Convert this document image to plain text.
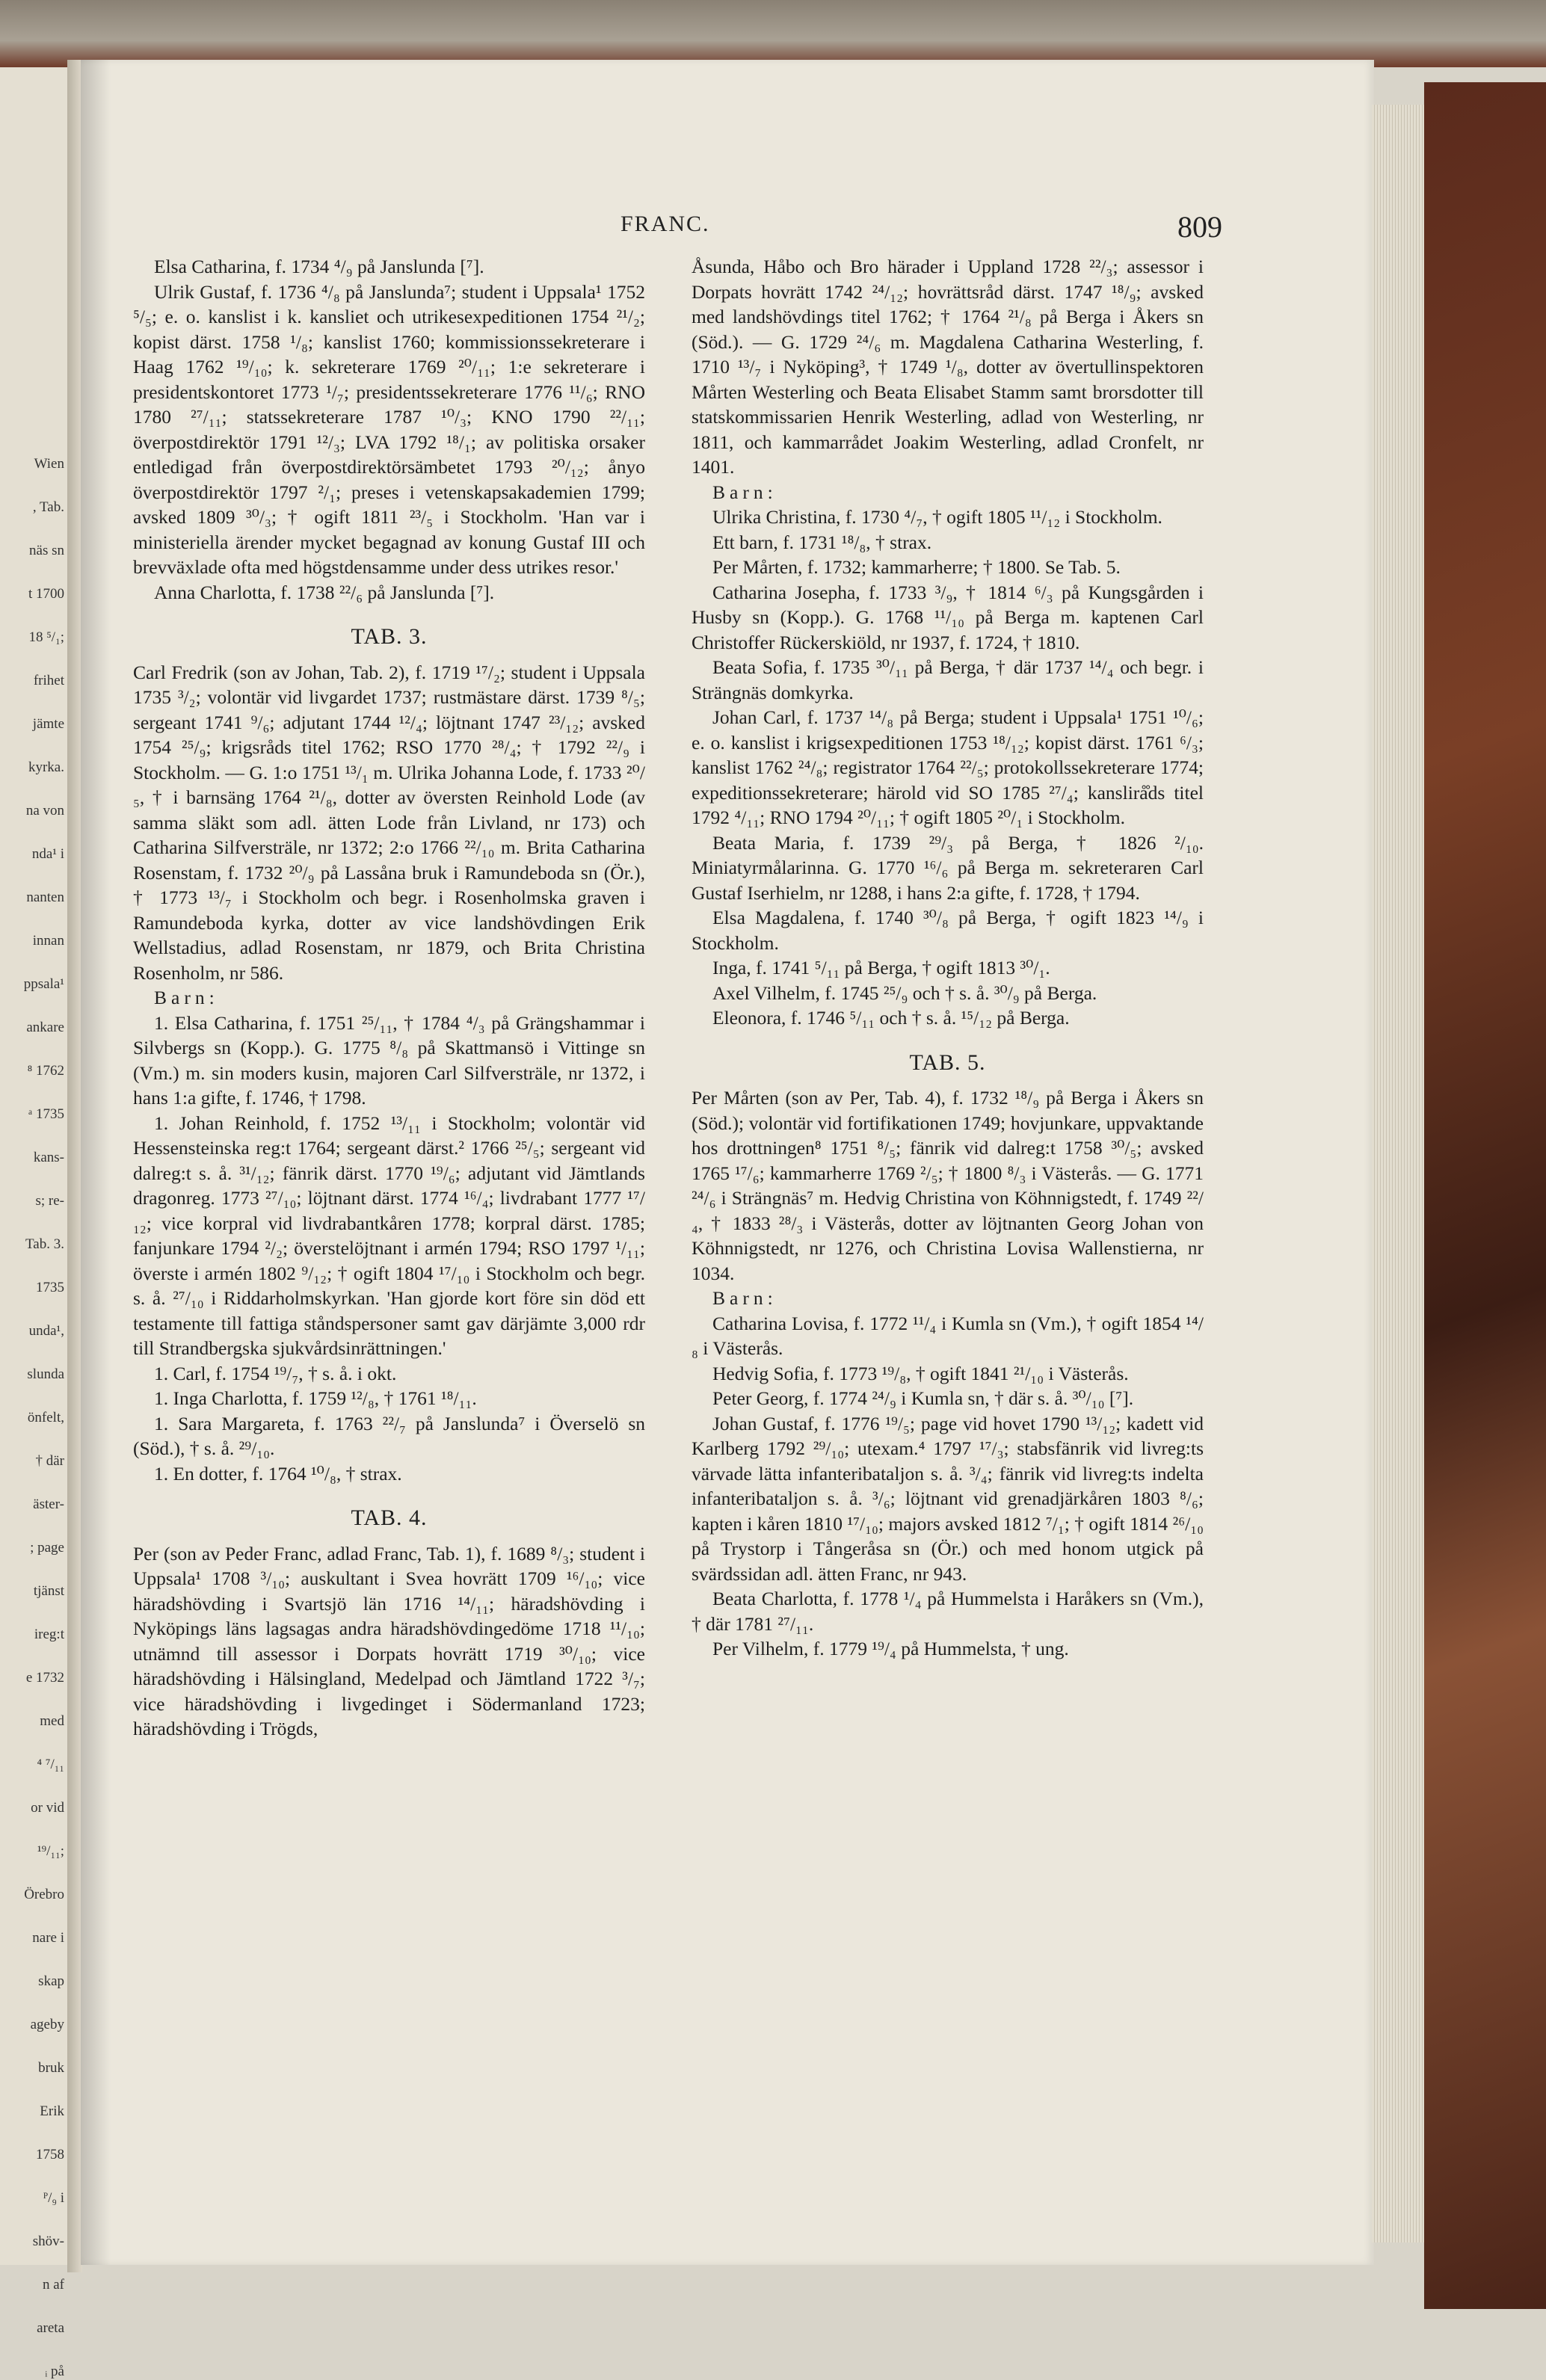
Wien
, Tab.
näs sn
t 1700
18 ⁵/₁;
frihet
jämte
kyrka.
na von
nda¹ i
nanten
innan
ppsala¹
ankare
⁸ 1762
ᵃ 1735
kans-
s; re-
Tab. 3.
1735
unda¹,
slunda
önfelt,
† där
äster-
; page
tjänst
ireg:t
e 1732
med
⁴ ⁷/₁₁
or vid
¹⁹/₁₁;
Örebro
nare i
skap
ageby
bruk
Erik
1758
ᴾ/₉ i
shöv-
n af
areta
ᵢ på
FRANC.	809

Elsa Catharina, f. 1734 ⁴/₉ på Janslunda [⁷].

Ulrik Gustaf, f. 1736 ⁴/₈ på Janslunda⁷; student i Uppsala¹ 1752 ⁵/₅; e. o. kanslist i k. kansliet och utrikesexpeditionen 1754 ²¹/₂; kopist därst. 1758 ¹/₈; kanslist 1760; kommissionssekreterare i Haag 1762 ¹⁹/₁₀; k. sekreterare 1769 ²⁰/₁₁; 1:e sekreterare i presidentskontoret 1773 ¹/₇; presidentssekreterare 1776 ¹¹/₆; RNO 1780 ²⁷/₁₁; statssekreterare 1787 ¹⁰/₃; KNO 1790 ²²/₁₁; överpostdirektör 1791 ¹²/₃; LVA 1792 ¹⁸/₁; av politiska orsaker entledigad från överpostdirektörsämbetet 1793 ²⁰/₁₂; ånyo överpostdirektör 1797 ²/₁; preses i vetenskapsakademien 1799; avsked 1809 ³⁰/₃; † ogift 1811 ²³/₅ i Stockholm. 'Han var i ministeriella ärender mycket begagnad av konung Gustaf III och brevväxlade ofta med högstdensamme under dess utrikes resor.'

Anna Charlotta, f. 1738 ²²/₆ på Janslunda [⁷].

TAB. 3.

Carl Fredrik (son av Johan, Tab. 2), f. 1719 ¹⁷/₂; student i Uppsala 1735 ³/₂; volontär vid livgardet 1737; rustmästare därst. 1739 ⁸/₅; sergeant 1741 ⁹/₆; adjutant 1744 ¹²/₄; löjtnant 1747 ²³/₁₂; avsked 1754 ²⁵/₉; krigsråds titel 1762; RSO 1770 ²⁸/₄; † 1792 ²²/₉ i Stockholm. — G. 1:o 1751 ¹³/₁ m. Ulrika Johanna Lode, f. 1733 ²⁰/₅, † i barnsäng 1764 ²¹/₈, dotter av översten Reinhold Lode (av samma släkt som adl. ätten Lode från Livland, nr 173) och Catharina Silfversträle, nr 1372; 2:o 1766 ²²/₁₀ m. Brita Catharina Rosenstam, f. 1732 ²⁰/₉ på Lassåna bruk i Ramundeboda sn (Ör.), † 1773 ¹³/₇ i Stockholm och begr. i Rosenholmska graven i Ramundeboda kyrka, dotter av vice landshövdingen Erik Wellstadius, adlad Rosenstam, nr 1879, och Brita Christina Rosenholm, nr 586.

Barn:

1. Elsa Catharina, f. 1751 ²⁵/₁₁, † 1784 ⁴/₃ på Grängshammar i Silvbergs sn (Kopp.). G. 1775 ⁸/₈ på Skattmansö i Vittinge sn (Vm.) m. sin moders kusin, majoren Carl Silfversträle, nr 1372, i hans 1:a gifte, f. 1746, † 1798.

1. Johan Reinhold, f. 1752 ¹³/₁₁ i Stockholm; volontär vid Hessensteinska reg:t 1764; sergeant därst.² 1766 ²⁵/₅; sergeant vid dalreg:t s. å. ³¹/₁₂; fänrik därst. 1770 ¹⁹/₆; adjutant vid Jämtlands dragonreg. 1773 ²⁷/₁₀; löjtnant därst. 1774 ¹⁶/₄; livdrabant 1777 ¹⁷/₁₂; vice korpral vid livdrabantkåren 1778; korpral därst. 1785; fanjunkare 1794 ²/₂; överstelöjtnant i armén 1794; RSO 1797 ¹/₁₁; överste i armén 1802 ⁹/₁₂; † ogift 1804 ¹⁷/₁₀ i Stockholm och begr. s. å. ²⁷/₁₀ i Riddarholmskyrkan. 'Han gjorde kort före sin död ett testamente till fattiga ståndspersoner samt gav därjämte 3,000 rdr till Strandbergska sjukvårdsinrättningen.'

1. Carl, f. 1754 ¹⁹/₇, † s. å. i okt.

1. Inga Charlotta, f. 1759 ¹²/₈, † 1761 ¹⁸/₁₁.

1. Sara Margareta, f. 1763 ²²/₇ på Janslunda⁷ i Överselö sn (Söd.), † s. å. ²⁹/₁₀.

1. En dotter, f. 1764 ¹⁰/₈, † strax.

TAB. 4.

Per (son av Peder Franc, adlad Franc, Tab. 1), f. 1689 ⁸/₃; student i Uppsala¹ 1708 ³/₁₀; auskultant i Svea hovrätt 1709 ¹⁶/₁₀; vice häradshövding i Svartsjö län 1716 ¹⁴/₁₁; häradshövding i Nyköpings läns lagsagas andra häradshövdingedöme 1718 ¹¹/₁₀; utnämnd till assessor i Dorpats hovrätt 1719 ³⁰/₁₀; vice häradshövding i Hälsingland, Medelpad och Jämtland 1722 ³/₇; vice häradshövding i livgedinget i Södermanland 1723; häradshövding i Trögds,

Åsunda, Håbo och Bro härader i Uppland 1728 ²²/₃; assessor i Dorpats hovrätt 1742 ²⁴/₁₂; hovrättsråd därst. 1747 ¹⁸/₉; avsked med landshövdings titel 1762; † 1764 ²¹/₈ på Berga i Åkers sn (Söd.). — G. 1729 ²⁴/₆ m. Magdalena Catharina Westerling, f. 1710 ¹³/₇ i Nyköping³, † 1749 ¹/₈, dotter av övertullinspektoren Mårten Westerling och Beata Elisabet Stamm samt brorsdotter till statskommissarien Henrik Westerling, adlad von Westerling, nr 1811, och kammarrådet Joakim Westerling, adlad Cronfelt, nr 1401.

Barn:

Ulrika Christina, f. 1730 ⁴/₇, † ogift 1805 ¹¹/₁₂ i Stockholm.

Ett barn, f. 1731 ¹⁸/₈, † strax.

Per Mårten, f. 1732; kammarherre; † 1800. Se Tab. 5.

Catharina Josepha, f. 1733 ³/₉, † 1814 ⁶/₃ på Kungsgården i Husby sn (Kopp.). G. 1768 ¹¹/₁₀ på Berga m. kaptenen Carl Christoffer Rückerskiöld, nr 1937, f. 1724, † 1810.

Beata Sofia, f. 1735 ³⁰/₁₁ på Berga, † där 1737 ¹⁴/₄ och begr. i Strängnäs domkyrka.

Johan Carl, f. 1737 ¹⁴/₈ på Berga; student i Uppsala¹ 1751 ¹⁰/₆; e. o. kanslist i krigsexpeditionen 1753 ¹⁸/₁₂; kopist därst. 1761 ⁶/₃; kanslist 1762 ²⁴/₈; registrator 1764 ²²/₅; protokollssekreterare 1774; expeditionssekreterare; härold vid SO 1785 ²⁷/₄; kanslirå̊ds titel 1792 ⁴/₁₁; RNO 1794 ²⁰/₁₁; † ogift 1805 ²⁰/₁ i Stockholm.

Beata Maria, f. 1739 ²⁹/₃ på Berga, † 1826 ²/₁₀. Miniatyrmålarinna. G. 1770 ¹⁶/₆ på Berga m. sekreteraren Carl Gustaf Iserhielm, nr 1288, i hans 2:a gifte, f. 1728, † 1794.

Elsa Magdalena, f. 1740 ³⁰/₈ på Berga, † ogift 1823 ¹⁴/₉ i Stockholm.

Inga, f. 1741 ⁵/₁₁ på Berga, † ogift 1813 ³⁰/₁.

Axel Vilhelm, f. 1745 ²⁵/₉ och † s. å. ³⁰/₉ på Berga.

Eleonora, f. 1746 ⁵/₁₁ och † s. å. ¹⁵/₁₂ på Berga.

TAB. 5.

Per Mårten (son av Per, Tab. 4), f. 1732 ¹⁸/₉ på Berga i Åkers sn (Söd.); volontär vid fortifikationen 1749; hovjunkare, uppvaktande hos drottningen⁸ 1751 ⁸/₅; fänrik vid dalreg:t 1758 ³⁰/₅; avsked 1765 ¹⁷/₆; kammarherre 1769 ²/₅; † 1800 ⁸/₃ i Västerås. — G. 1771 ²⁴/₆ i Strängnäs⁷ m. Hedvig Christina von Köhnnigstedt, f. 1749 ²²/₄, † 1833 ²⁸/₃ i Västerås, dotter av löjtnanten Georg Johan von Köhnnigstedt, nr 1276, och Christina Lovisa Wallenstierna, nr 1034.

Barn:

Catharina Lovisa, f. 1772 ¹¹/₄ i Kumla sn (Vm.), † ogift 1854 ¹⁴/₈ i Västerås.

Hedvig Sofia, f. 1773 ¹⁹/₈, † ogift 1841 ²¹/₁₀ i Västerås.

Peter Georg, f. 1774 ²⁴/₉ i Kumla sn, † där s. å. ³⁰/₁₀ [⁷].

Johan Gustaf, f. 1776 ¹⁹/₅; page vid hovet 1790 ¹³/₁₂; kadett vid Karlberg 1792 ²⁹/₁₀; utexam.⁴ 1797 ¹⁷/₃; stabsfänrik vid livreg:ts värvade lätta infanteribataljon s. å. ³/₄; fänrik vid livreg:ts indelta infanteribataljon s. å. ³/₆; löjtnant vid grenadjärkåren 1803 ⁸/₆; kapten i kåren 1810 ¹⁷/₁₀; majors avsked 1812 ⁷/₁; † ogift 1814 ²⁶/₁₀ på Trystorp i Tångeråsa sn (Ör.) och med honom utgick på svärdssidan adl. ätten Franc, nr 943.

Beata Charlotta, f. 1778 ¹/₄ på Hummelsta i Haråkers sn (Vm.), † där 1781 ²⁷/₁₁.

Per Vilhelm, f. 1779 ¹⁹/₄ på Hummelsta, † ung.
